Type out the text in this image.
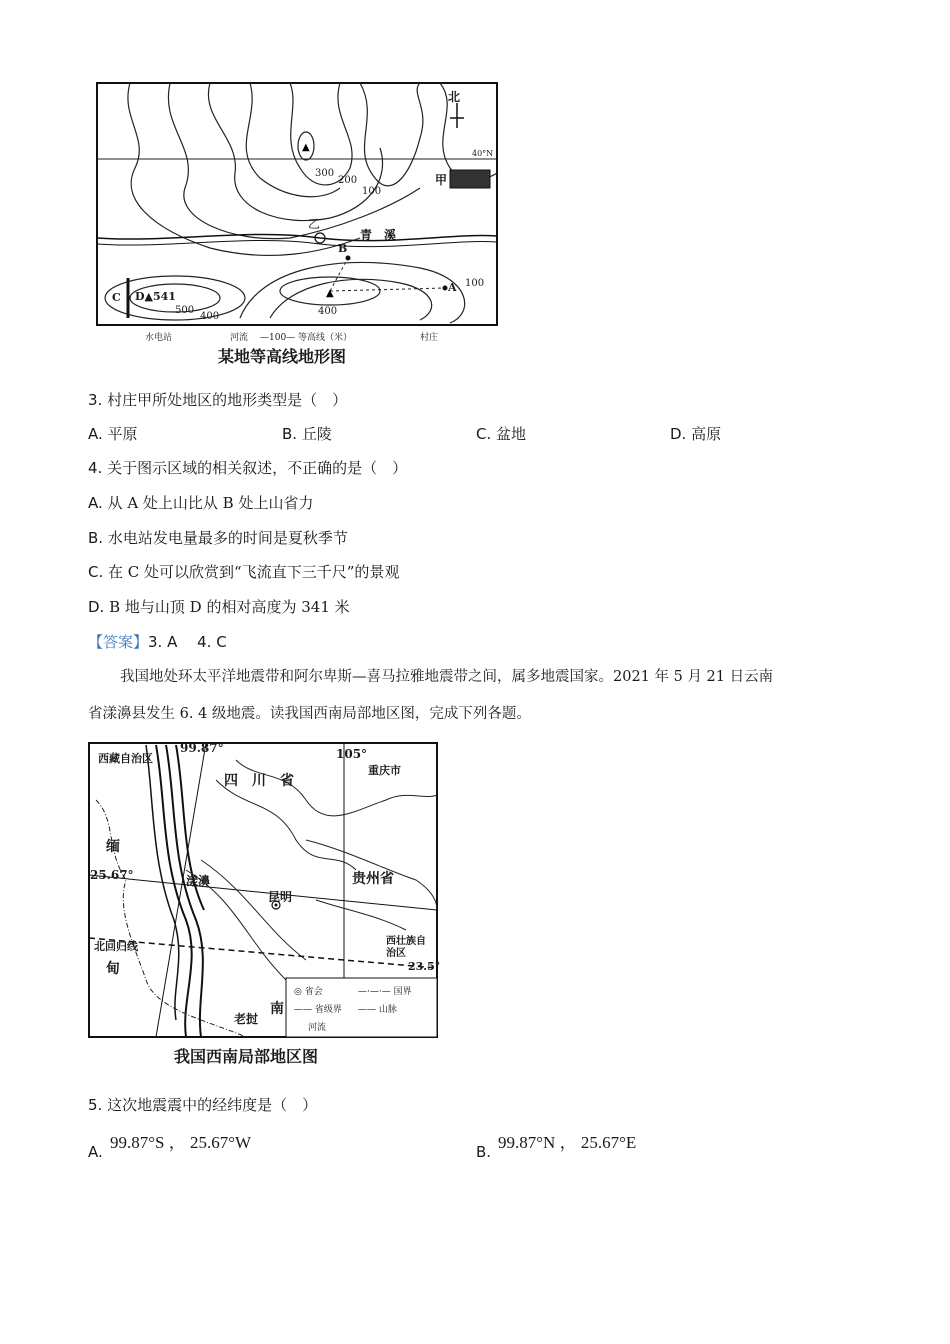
▲
▲
北
40°N
甲
乙
青　溪
B
A
C D▲541
300
200
100
500
400	400
100
水电站	河流 —100— 等高线（米）	村庄
某地等高线地形图
3. 村庄甲所处地区的地形类型是（　）
A. 平原	B. 丘陵	C. 盆地	D. 高原
4. 关于图示区域的相关叙述，不正确的是（　）
A. 从 A 处上山比从 B 处上山省力
B. 水电站发电量最多的时间是夏秋季节
C. 在 C 处可以欣赏到“飞流直下三千尺”的景观
D. B 地与山顶 D 的相对高度为 341 米
【答案】3. A　 4. C
我国地处环太平洋地震带和阿尔卑斯—喜马拉雅地震带之间，属多地震国家。2021 年 5 月 21 日云南
省漾濞县发生 6. 4 级地震。读我国西南局部地区图，完成下列各题。
西藏自治区
99.87°
四　川　省
105°
重庆市
缅
25.67°	漾濞
昆明
贵州省
北回归线
甸
西壮族自治区
23.5°
老挝
南
◎ 省会	—·—·— 国界
—— 省级界 —— 山脉
河流
我国西南局部地区图
5. 这次地震震中的经纬度是（　）
A. 99.87°S ， 25.67°W	B. 99.87°N ， 25.67°E
